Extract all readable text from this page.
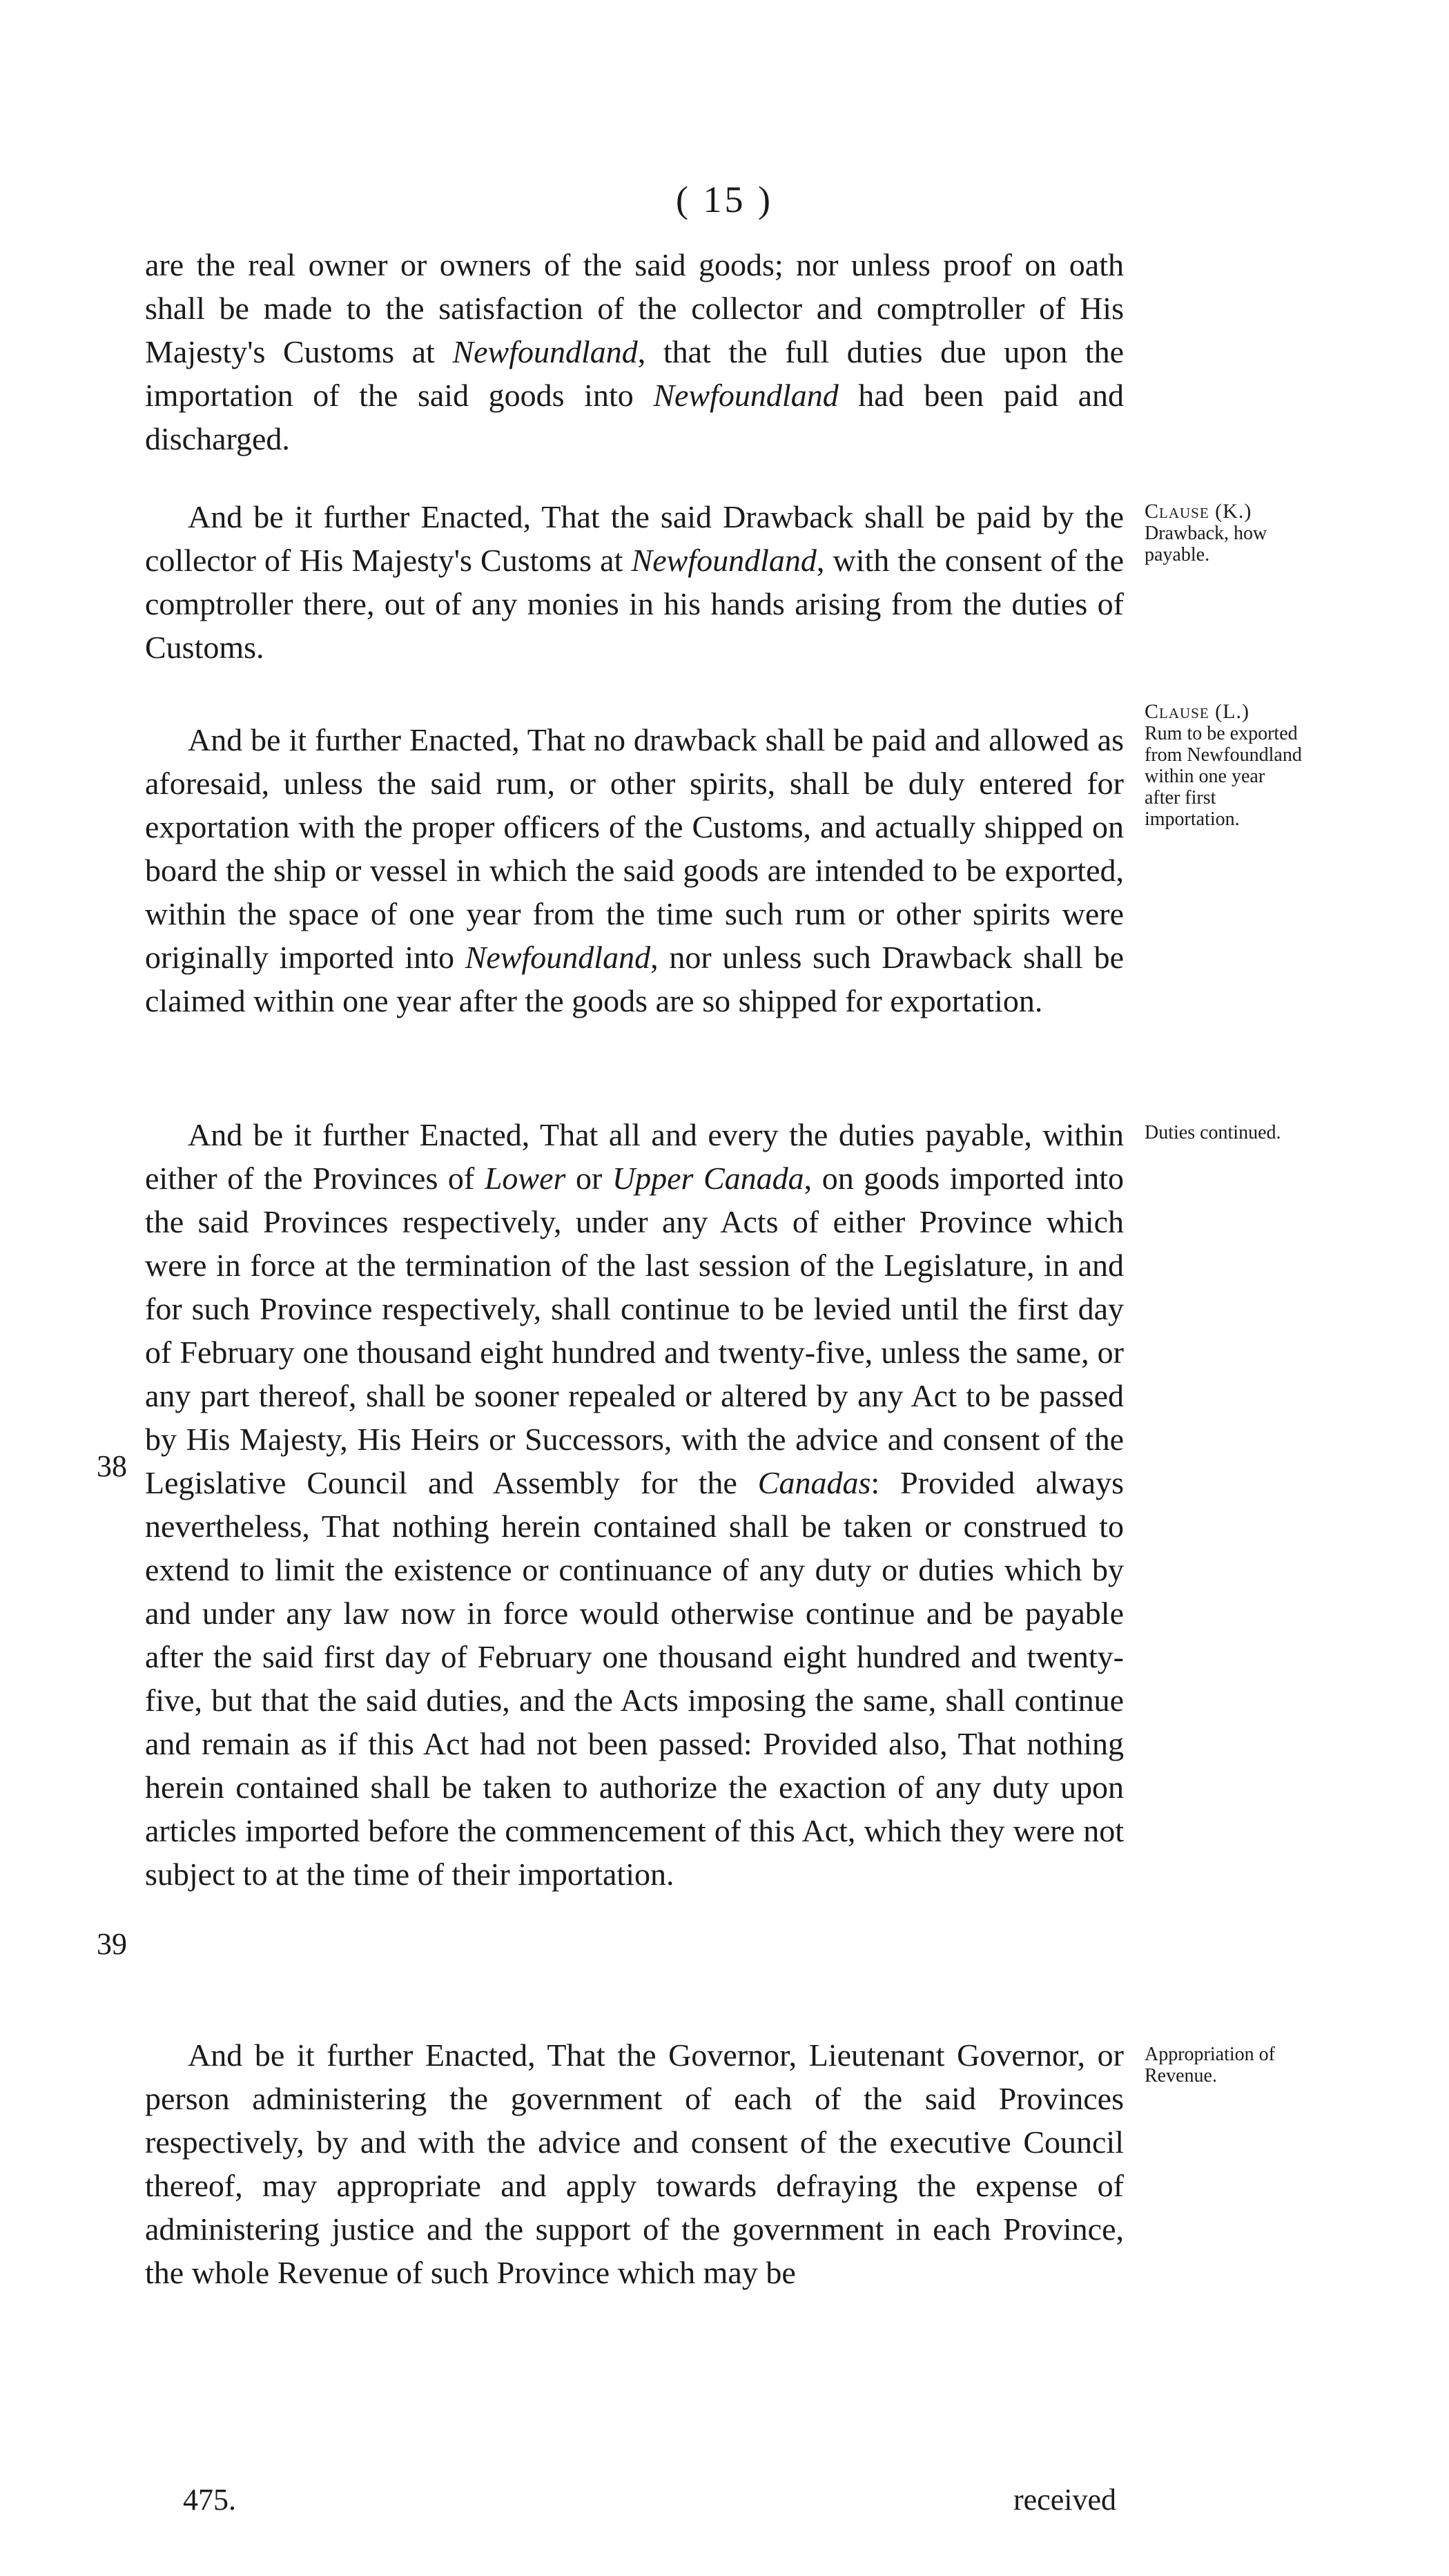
( 15 )

are the real owner or owners of the said goods; nor unless proof on oath shall be made to the satisfaction of the collector and comptroller of His Majesty's Customs at Newfoundland, that the full duties due upon the importation of the said goods into Newfoundland had been paid and discharged.

And be it further Enacted, That the said Drawback shall be paid by the collector of His Majesty's Customs at Newfoundland, with the consent of the comptroller there, out of any monies in his hands arising from the duties of Customs.

And be it further Enacted, That no drawback shall be paid and allowed as aforesaid, unless the said rum, or other spirits, shall be duly entered for exportation with the proper officers of the Customs, and actually shipped on board the ship or vessel in which the said goods are intended to be exported, within the space of one year from the time such rum or other spirits were originally imported into Newfoundland, nor unless such Drawback shall be claimed within one year after the goods are so shipped for exportation.

And be it further Enacted, That all and every the duties payable, within either of the Provinces of Lower or Upper Canada, on goods imported into the said Provinces respectively, under any Acts of either Province which were in force at the termination of the last session of the Legislature, in and for such Province respectively, shall continue to be levied until the first day of February one thousand eight hundred and twenty-five, unless the same, or any part thereof, shall be sooner repealed or altered by any Act to be passed by His Majesty, His Heirs or Successors, with the advice and consent of the Legislative Council and Assembly for the Canadas: Provided always nevertheless, That nothing herein contained shall be taken or construed to extend to limit the existence or continuance of any duty or duties which by and under any law now in force would otherwise continue and be payable after the said first day of February one thousand eight hundred and twenty-five, but that the said duties, and the Acts imposing the same, shall continue and remain as if this Act had not been passed: Provided also, That nothing herein contained shall be taken to authorize the exaction of any duty upon articles imported before the commencement of this Act, which they were not subject to at the time of their importation.

And be it further Enacted, That the Governor, Lieutenant Governor, or person administering the government of each of the said Provinces respectively, by and with the advice and consent of the executive Council thereof, may appropriate and apply towards defraying the expense of administering justice and the support of the government in each Province, the whole Revenue of such Province which may be

Clause (K.)
Drawback, how payable.
Clause (L.)
Rum to be exported from Newfoundland within one year after first importation.
Duties continued.
Appropriation of Revenue.
38
39
475.	received
